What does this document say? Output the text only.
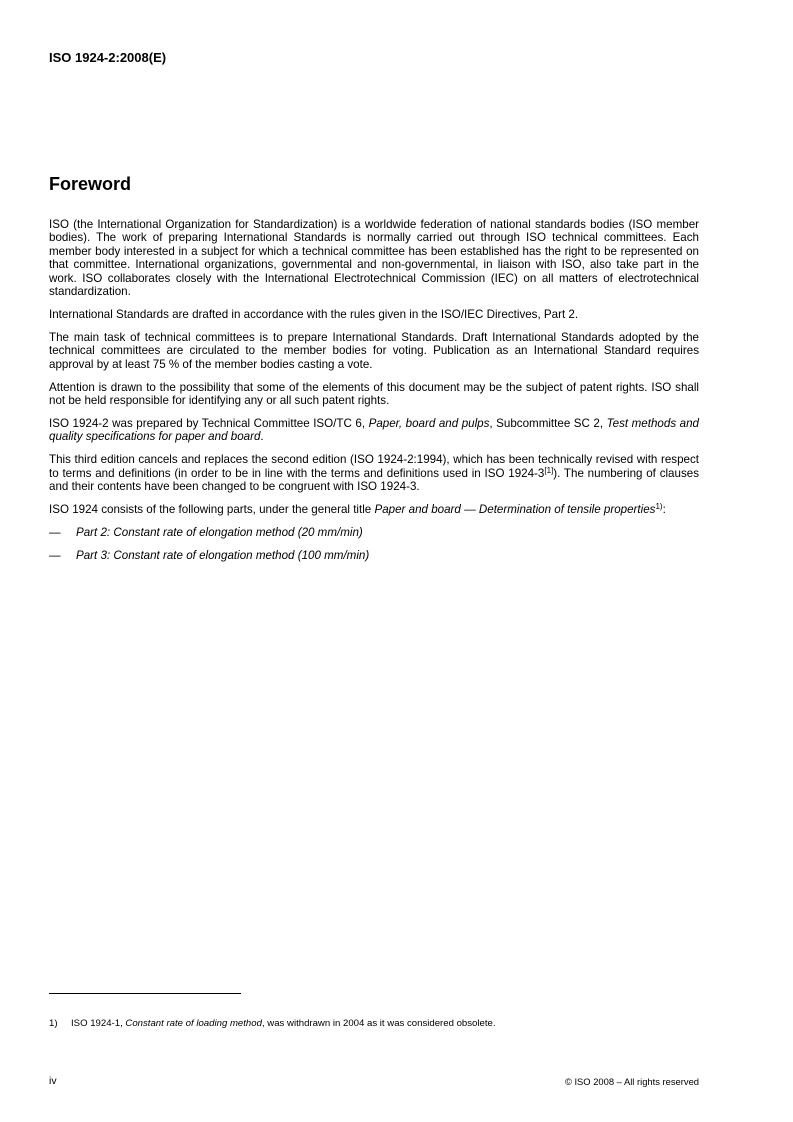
ISO 1924-2:2008(E)

Foreword

ISO (the International Organization for Standardization) is a worldwide federation of national standards bodies (ISO member bodies). The work of preparing International Standards is normally carried out through ISO technical committees. Each member body interested in a subject for which a technical committee has been established has the right to be represented on that committee. International organizations, governmental and non-governmental, in liaison with ISO, also take part in the work. ISO collaborates closely with the International Electrotechnical Commission (IEC) on all matters of electrotechnical standardization.

International Standards are drafted in accordance with the rules given in the ISO/IEC Directives, Part 2.

The main task of technical committees is to prepare International Standards. Draft International Standards adopted by the technical committees are circulated to the member bodies for voting. Publication as an International Standard requires approval by at least 75 % of the member bodies casting a vote.

Attention is drawn to the possibility that some of the elements of this document may be the subject of patent rights. ISO shall not be held responsible for identifying any or all such patent rights.

ISO 1924-2 was prepared by Technical Committee ISO/TC 6, Paper, board and pulps, Subcommittee SC 2, Test methods and quality specifications for paper and board.

This third edition cancels and replaces the second edition (ISO 1924-2:1994), which has been technically revised with respect to terms and definitions (in order to be in line with the terms and definitions used in ISO 1924-3[1]). The numbering of clauses and their contents have been changed to be congruent with ISO 1924-3.

ISO 1924 consists of the following parts, under the general title Paper and board — Determination of tensile properties$^{1)}$:

— Part 2: Constant rate of elongation method (20 mm/min)
— Part 3: Constant rate of elongation method (100 mm/min)
1) ISO 1924-1, Constant rate of loading method, was withdrawn in 2004 as it was considered obsolete.
iv	© ISO 2008 – All rights reserved
